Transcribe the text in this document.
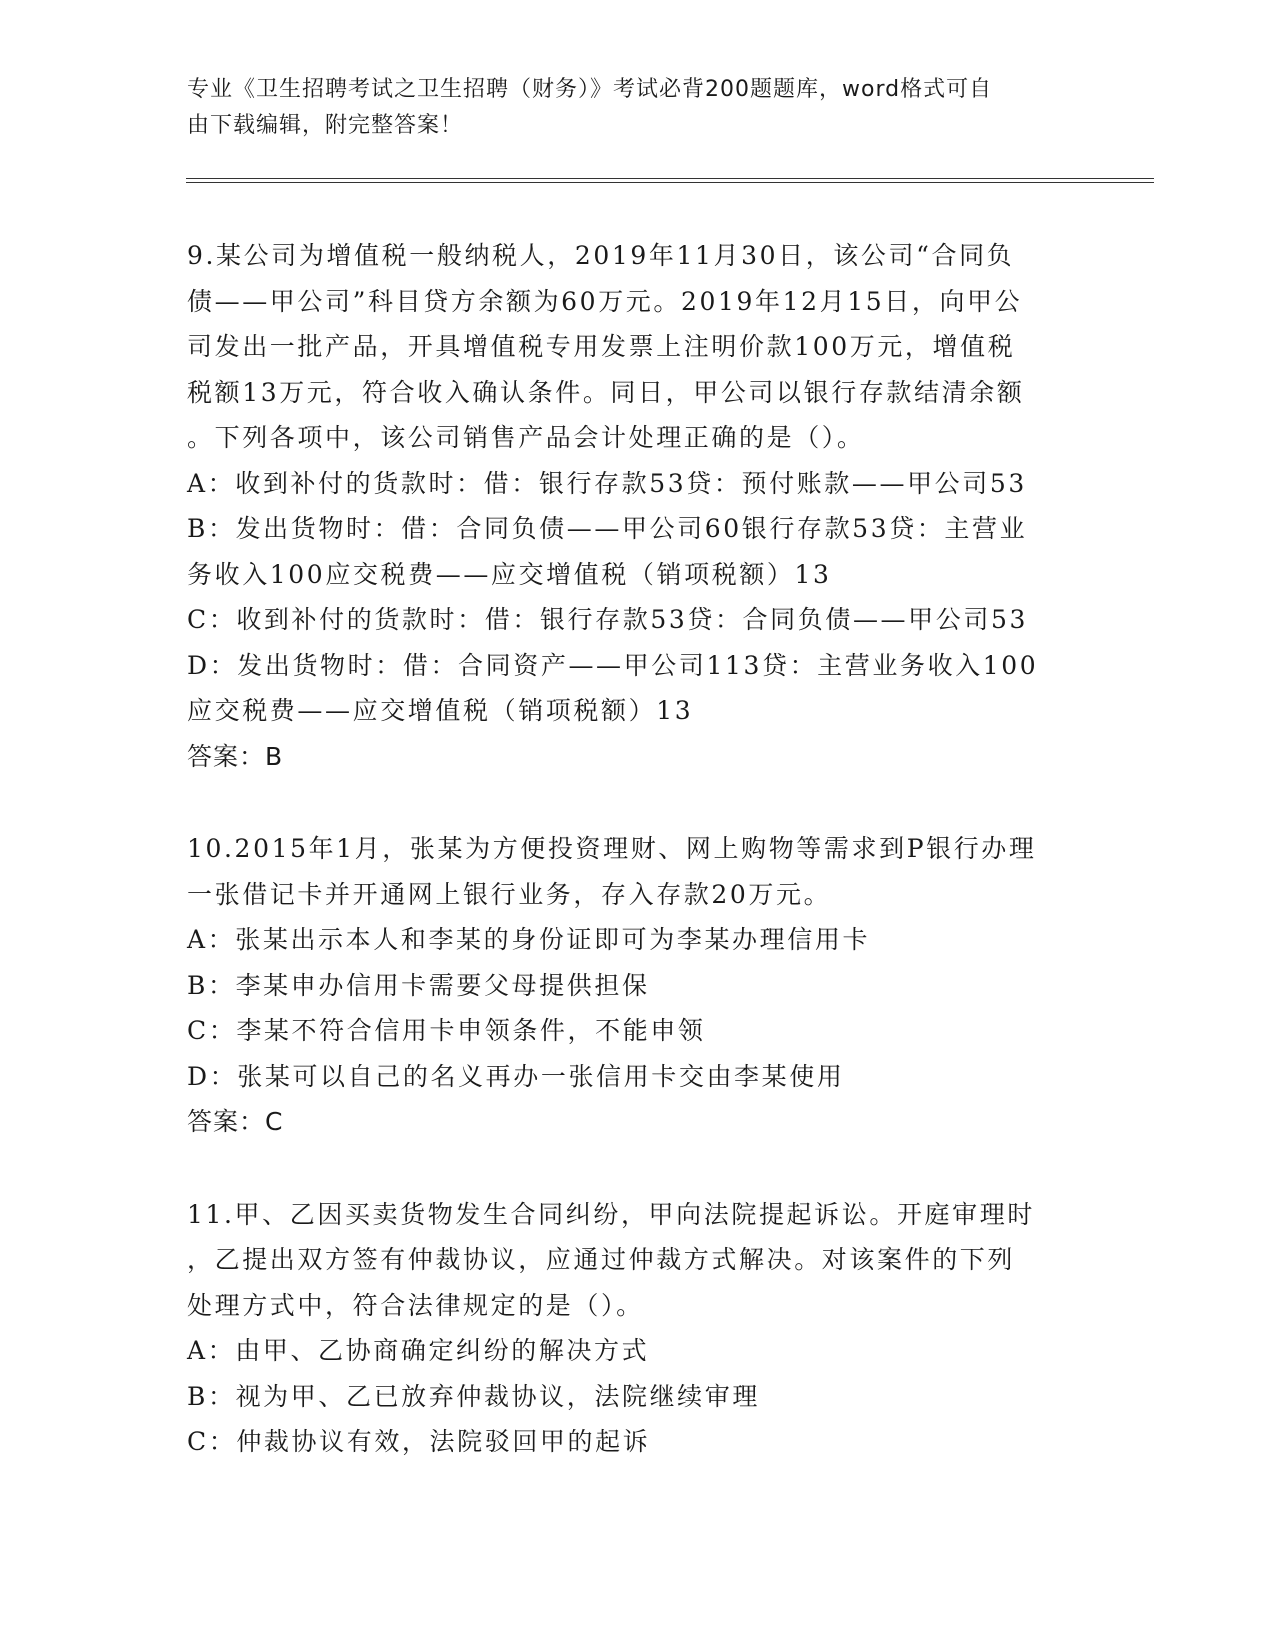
专业《卫生招聘考试之卫生招聘（财务）》考试必背200题题库，word格式可自
由下载编辑，附完整答案！
9.某公司为增值税一般纳税人，2019年11月30日，该公司“合同负
债——甲公司”科目贷方余额为60万元。2019年12月15日，向甲公
司发出一批产品，开具增值税专用发票上注明价款100万元，增值税
税额13万元，符合收入确认条件。同日，甲公司以银行存款结清余额
。下列各项中，该公司销售产品会计处理正确的是（）。
A：收到补付的货款时：借：银行存款53贷：预付账款——甲公司53
B：发出货物时：借：合同负债——甲公司60银行存款53贷：主营业
务收入100应交税费——应交增值税（销项税额）13
C：收到补付的货款时：借：银行存款53贷：合同负债——甲公司53
D：发出货物时：借：合同资产——甲公司113贷：主营业务收入100
应交税费——应交增值税（销项税额）13
答案：B
10.2015年1月，张某为方便投资理财、网上购物等需求到P银行办理
一张借记卡并开通网上银行业务，存入存款20万元。
A：张某出示本人和李某的身份证即可为李某办理信用卡
B：李某申办信用卡需要父母提供担保
C：李某不符合信用卡申领条件，不能申领
D：张某可以自己的名义再办一张信用卡交由李某使用
答案：C
11.甲、乙因买卖货物发生合同纠纷，甲向法院提起诉讼。开庭审理时
，乙提出双方签有仲裁协议，应通过仲裁方式解决。对该案件的下列
处理方式中，符合法律规定的是（）。
A：由甲、乙协商确定纠纷的解决方式
B：视为甲、乙已放弃仲裁协议，法院继续审理
C：仲裁协议有效，法院驳回甲的起诉
